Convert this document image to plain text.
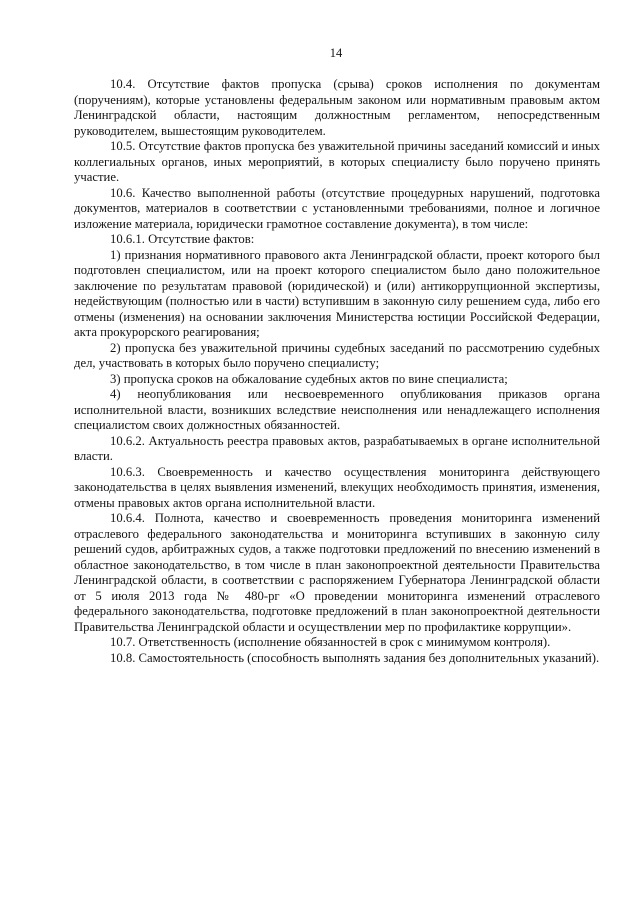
14

10.4. Отсутствие фактов пропуска (срыва) сроков исполнения по документам (поручениям), которые установлены федеральным законом или нормативным правовым актом Ленинградской области, настоящим должностным регламентом, непосредственным руководителем, вышестоящим руководителем.

10.5. Отсутствие фактов пропуска без уважительной причины заседаний комиссий и иных коллегиальных органов, иных мероприятий, в которых специалисту было поручено принять участие.

10.6. Качество выполненной работы (отсутствие процедурных нарушений, подготовка документов, материалов в соответствии с установленными требованиями, полное и логичное изложение материала, юридически грамотное составление документа), в том числе:

10.6.1. Отсутствие фактов:

1) признания нормативного правового акта Ленинградской области, проект которого был подготовлен специалистом, или на проект которого специалистом было дано положительное заключение по результатам правовой (юридической) и (или) антикоррупционной экспертизы, недействующим (полностью или в части) вступившим в законную силу решением суда, либо его отмены (изменения) на основании заключения Министерства юстиции Российской Федерации, акта прокурорского реагирования;

2) пропуска без уважительной причины судебных заседаний по рассмотрению судебных дел, участвовать в которых было поручено специалисту;

3) пропуска сроков на обжалование судебных актов по вине специалиста;

4) неопубликования или несвоевременного опубликования приказов органа исполнительной власти, возникших вследствие неисполнения или ненадлежащего исполнения специалистом своих должностных обязанностей.

10.6.2. Актуальность реестра правовых актов, разрабатываемых в органе исполнительной власти.

10.6.3. Своевременность и качество осуществления мониторинга действующего законодательства в целях выявления изменений, влекущих необходимость принятия, изменения, отмены правовых актов органа исполнительной власти.

10.6.4. Полнота, качество и своевременность проведения мониторинга изменений отраслевого федерального законодательства и мониторинга вступивших в законную силу решений судов, арбитражных судов, а также подготовки предложений по внесению изменений в областное законодательство, в том числе в план законопроектной деятельности Правительства Ленинградской области, в соответствии с распоряжением Губернатора Ленинградской области от 5 июля 2013 года № 480-рг «О проведении мониторинга изменений отраслевого федерального законодательства, подготовке предложений в план законопроектной деятельности Правительства Ленинградской области и осуществлении мер по профилактике коррупции».

10.7. Ответственность (исполнение обязанностей в срок с минимумом контроля).

10.8. Самостоятельность (способность выполнять задания без дополнительных указаний).
